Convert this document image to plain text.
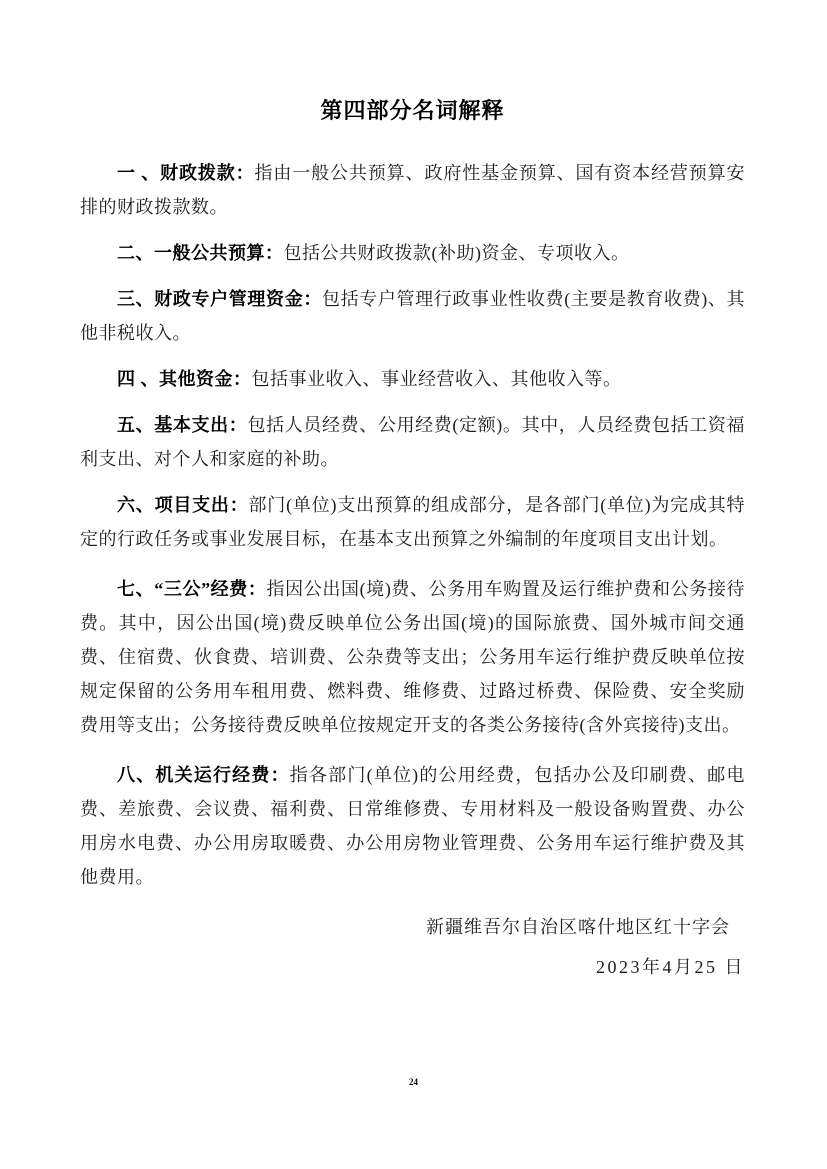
第四部分名词解释

一 、财政拨款：指由一般公共预算、政府性基金预算、国有资本经营预算安排的财政拨款数。

二、一般公共预算：包括公共财政拨款(补助)资金、专项收入。

三、财政专户管理资金：包括专户管理行政事业性收费(主要是教育收费)、其他非税收入。

四 、其他资金：包括事业收入、事业经营收入、其他收入等。

五、基本支出：包括人员经费、公用经费(定额)。其中，人员经费包括工资福利支出、对个人和家庭的补助。

六、项目支出：部门(单位)支出预算的组成部分，是各部门(单位)为完成其特定的行政任务或事业发展目标，在基本支出预算之外编制的年度项目支出计划。

七、“三公”经费：指因公出国(境)费、公务用车购置及运行维护费和公务接待费。其中，因公出国(境)费反映单位公务出国(境)的国际旅费、国外城市间交通费、住宿费、伙食费、培训费、公杂费等支出；公务用车运行维护费反映单位按规定保留的公务用车租用费、燃料费、维修费、过路过桥费、保险费、安全奖励费用等支出；公务接待费反映单位按规定开支的各类公务接待(含外宾接待)支出。

八、机关运行经费：指各部门(单位)的公用经费，包括办公及印刷费、邮电费、差旅费、会议费、福利费、日常维修费、专用材料及一般设备购置费、办公用房水电费、办公用房取暖费、办公用房物业管理费、公务用车运行维护费及其他费用。

新疆维吾尔自治区喀什地区红十字会
2023年4月25 日
24
